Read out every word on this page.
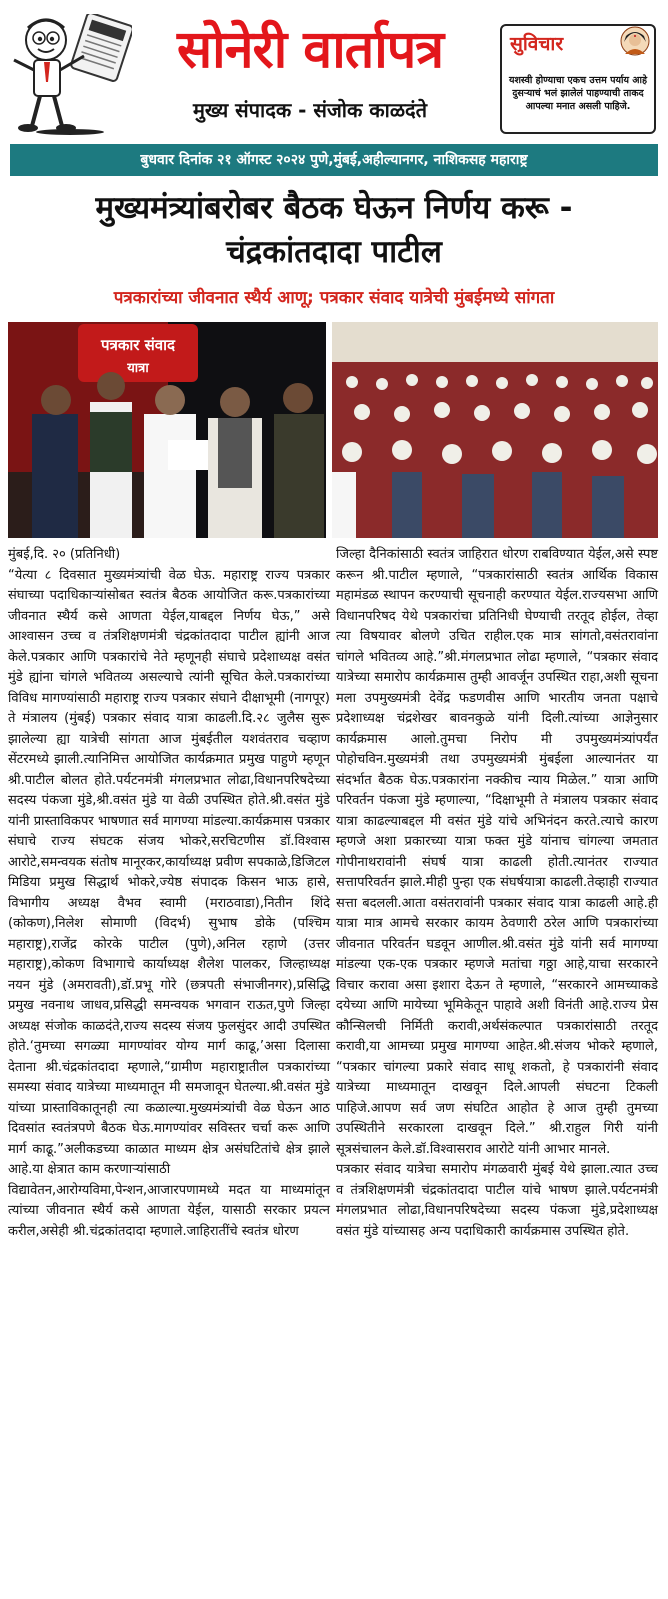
सोनेरी वार्तापत्र
मुख्य संपादक - संजोक काळदंते
सुविचार
यशस्वी होण्याचा एकच उत्तम पर्याय आहे दुसऱ्याचं भलं झालेलं पाहण्याची ताकद आपल्या मनात असली पाहिजे.
बुधवार दिनांक २१ ऑगस्ट २०२४ पुणे,मुंबई,अहील्यानगर, नाशिकसह महाराष्ट्र
मुख्यमंत्र्यांबरोबर बैठक घेऊन निर्णय करू -
चंद्रकांतदादा पाटील
पत्रकारांच्या जीवनात स्थैर्य आणू; पत्रकार संवाद यात्रेची मुंबईमध्ये सांगता
पत्रकार संवाद
यात्रा

मुंबई,दि. २० (प्रतिनिधी)

“येत्या ८ दिवसात मुख्यमंत्र्यांची वेळ घेऊ. महाराष्ट्र राज्य पत्रकार संघाच्या पदाधिकाऱ्यांसोबत स्वतंत्र बैठक आयोजित करू.पत्रकारांच्या जीवनात स्थैर्य कसे आणता येईल,याबद्दल निर्णय घेऊ,” असे आश्वासन उच्च व तंत्रशिक्षणमंत्री चंद्रकांतदादा पाटील ह्यांनी आज केले.पत्रकार आणि पत्रकारांचे नेते म्हणूनही संघाचे प्रदेशाध्यक्ष वसंत मुंडे ह्यांना चांगले भवितव्य असल्याचे त्यांनी सूचित केले.पत्रकारांच्या विविध मागण्यांसाठी महाराष्ट्र राज्य पत्रकार संघाने दीक्षाभूमी (नागपूर) ते मंत्रालय (मुंबई) पत्रकार संवाद यात्रा काढली.दि.२८ जुलैस सुरू झालेल्या ह्या यात्रेची सांगता आज मुंबईतील यशवंतराव चव्हाण सेंटरमध्ये झाली.त्यानिमित्त आयोजित कार्यक्रमात प्रमुख पाहुणे म्हणून श्री.पाटील बोलत होते.पर्यटनमंत्री मंगलप्रभात लोढा,विधानपरिषदेच्या सदस्य पंकजा मुंडे,श्री.वसंत मुंडे या वेळी उपस्थित होते.श्री.वसंत मुंडे यांनी प्रास्ताविकपर भाषणात सर्व मागण्या मांडल्या.कार्यक्रमास पत्रकार संघाचे राज्य संघटक संजय भोकरे,सरचिटणीस डॉ.विश्वास आरोटे,समन्वयक संतोष मानूरकर,कार्याध्यक्ष प्रवीण सपकाळे,डिजिटल मिडिया प्रमुख सिद्धार्थ भोकरे,ज्येष्ठ संपादक किसन भाऊ हासे, विभागीय अध्यक्ष वैभव स्वामी (मराठवाडा),नितीन शिंदे (कोकण),निलेश सोमाणी (विदर्भ) सुभाष डोके (पश्चिम महाराष्ट्र),राजेंद्र कोरके पाटील (पुणे),अनिल रहाणे (उत्तर महाराष्ट्र),कोकण विभागाचे कार्याध्यक्ष शैलेश पालकर, जिल्हाध्यक्ष नयन मुंडे (अमरावती),डॉ.प्रभू गोरे (छत्रपती संभाजीनगर),प्रसिद्धि प्रमुख नवनाथ जाधव,प्रसिद्धी समन्वयक भगवान राऊत,पुणे जिल्हा अध्यक्ष संजोक काळदंते,राज्य सदस्य संजय फुलसुंदर आदी उपस्थित होते.‘तुमच्या सगळ्या मागण्यांवर योग्य मार्ग काढू,’असा दिलासा देताना श्री.चंद्रकांतदादा म्हणाले,“ग्रामीण महाराष्ट्रातील पत्रकारांच्या समस्या संवाद यात्रेच्या माध्यमातून मी समजावून घेतल्या.श्री.वसंत मुंडे यांच्या प्रास्ताविकातूनही त्या कळाल्या.मुख्यमंत्र्यांची वेळ घेऊन आठ दिवसांत स्वतंत्रपणे बैठक घेऊ.मागण्यांवर सविस्तर चर्चा करू आणि मार्ग काढू.”अलीकडच्या काळात माध्यम क्षेत्र असंघटितांचे क्षेत्र झाले आहे.या क्षेत्रात काम करणाऱ्यांसाठी

विद्यावेतन,आरोग्यविमा,पेन्शन,आजारपणामध्ये मदत या माध्यमांतून त्यांच्या जीवनात स्थैर्य कसे आणता येईल, यासाठी सरकार प्रयत्न करील,असेही श्री.चंद्रकांतदादा म्हणाले.जाहिरातींचे स्वतंत्र धोरण

जिल्हा दैनिकांसाठी स्वतंत्र जाहिरात धोरण राबविण्यात येईल,असे स्पष्ट करून श्री.पाटील म्हणाले, “पत्रकारांसाठी स्वतंत्र आर्थिक विकास महामंडळ स्थापन करण्याची सूचनाही करण्यात येईल.राज्यसभा आणि विधानपरिषद येथे पत्रकारांचा प्रतिनिधी घेण्याची तरतूद होईल, तेव्हा त्या विषयावर बोलणे उचित राहील.एक मात्र सांगतो,वसंतरावांना चांगले भवितव्य आहे.”श्री.मंगलप्रभात लोढा म्हणाले, “पत्रकार संवाद यात्रेच्या समारोप कार्यक्रमास तुम्ही आवर्जून उपस्थित राहा,अशी सूचना मला उपमुख्यमंत्री देवेंद्र फडणवीस आणि भारतीय जनता पक्षाचे प्रदेशाध्यक्ष चंद्रशेखर बावनकुळे यांनी दिली.त्यांच्या आज्ञेनुसार कार्यक्रमास आलो.तुमचा निरोप मी उपमुख्यमंत्र्यांपर्यंत पोहोचविन.मुख्यमंत्री तथा उपमुख्यमंत्री मुंबईला आल्यानंतर या संदर्भात बैठक घेऊ.पत्रकारांना नक्कीच न्याय मिळेल.” यात्रा आणि परिवर्तन पंकजा मुंडे म्हणाल्या, “दिक्षाभूमी ते मंत्रालय पत्रकार संवाद यात्रा काढल्याबद्दल मी वसंत मुंडे यांचे अभिनंदन करते.त्याचे कारण म्हणजे अशा प्रकारच्या यात्रा फक्त मुंडे यांनाच चांगल्या जमतात गोपीनाथरावांनी संघर्ष यात्रा काढली होती.त्यानंतर राज्यात सत्तापरिवर्तन झाले.मीही पुन्हा एक संघर्षयात्रा काढली.तेव्हाही राज्यात सत्ता बदलली.आता वसंतरावांनी पत्रकार संवाद यात्रा काढली आहे.ही यात्रा मात्र आमचे सरकार कायम ठेवणारी ठरेल आणि पत्रकारांच्या जीवनात परिवर्तन घडवून आणील.श्री.वसंत मुंडे यांनी सर्व मागण्या मांडल्या एक-एक पत्रकार म्हणजे मतांचा गठ्ठा आहे,याचा सरकारने विचार करावा असा इशारा देऊन ते म्हणाले, “सरकारने आमच्याकडे दयेच्या आणि मायेच्या भूमिकेतून पाहावे अशी विनंती आहे.राज्य प्रेस कौन्सिलची निर्मिती करावी,अर्थसंकल्पात पत्रकारांसाठी तरतूद करावी,या आमच्या प्रमुख मागण्या आहेत.श्री.संजय भोकरे म्हणाले, “पत्रकार चांगल्या प्रकारे संवाद साधू शकतो, हे पत्रकारांनी संवाद यात्रेच्या माध्यमातून दाखवून दिले.आपली संघटना टिकली पाहिजे.आपण सर्व जण संघटित आहोत हे आज तुम्ही तुमच्या उपस्थितीने सरकारला दाखवून दिले.” श्री.राहुल गिरी यांनी सूत्रसंचालन केले.डॉ.विश्वासराव आरोटे यांनी आभार मानले.

पत्रकार संवाद यात्रेचा समारोप मंगळवारी मुंबई येथे झाला.त्यात उच्च व तंत्रशिक्षणमंत्री चंद्रकांतदादा पाटील यांचे भाषण झाले.पर्यटनमंत्री मंगलप्रभात लोढा,विधानपरिषदेच्या सदस्य पंकजा मुंडे,प्रदेशाध्यक्ष वसंत मुंडे यांच्यासह अन्य पदाधिकारी कार्यक्रमास उपस्थित होते.
